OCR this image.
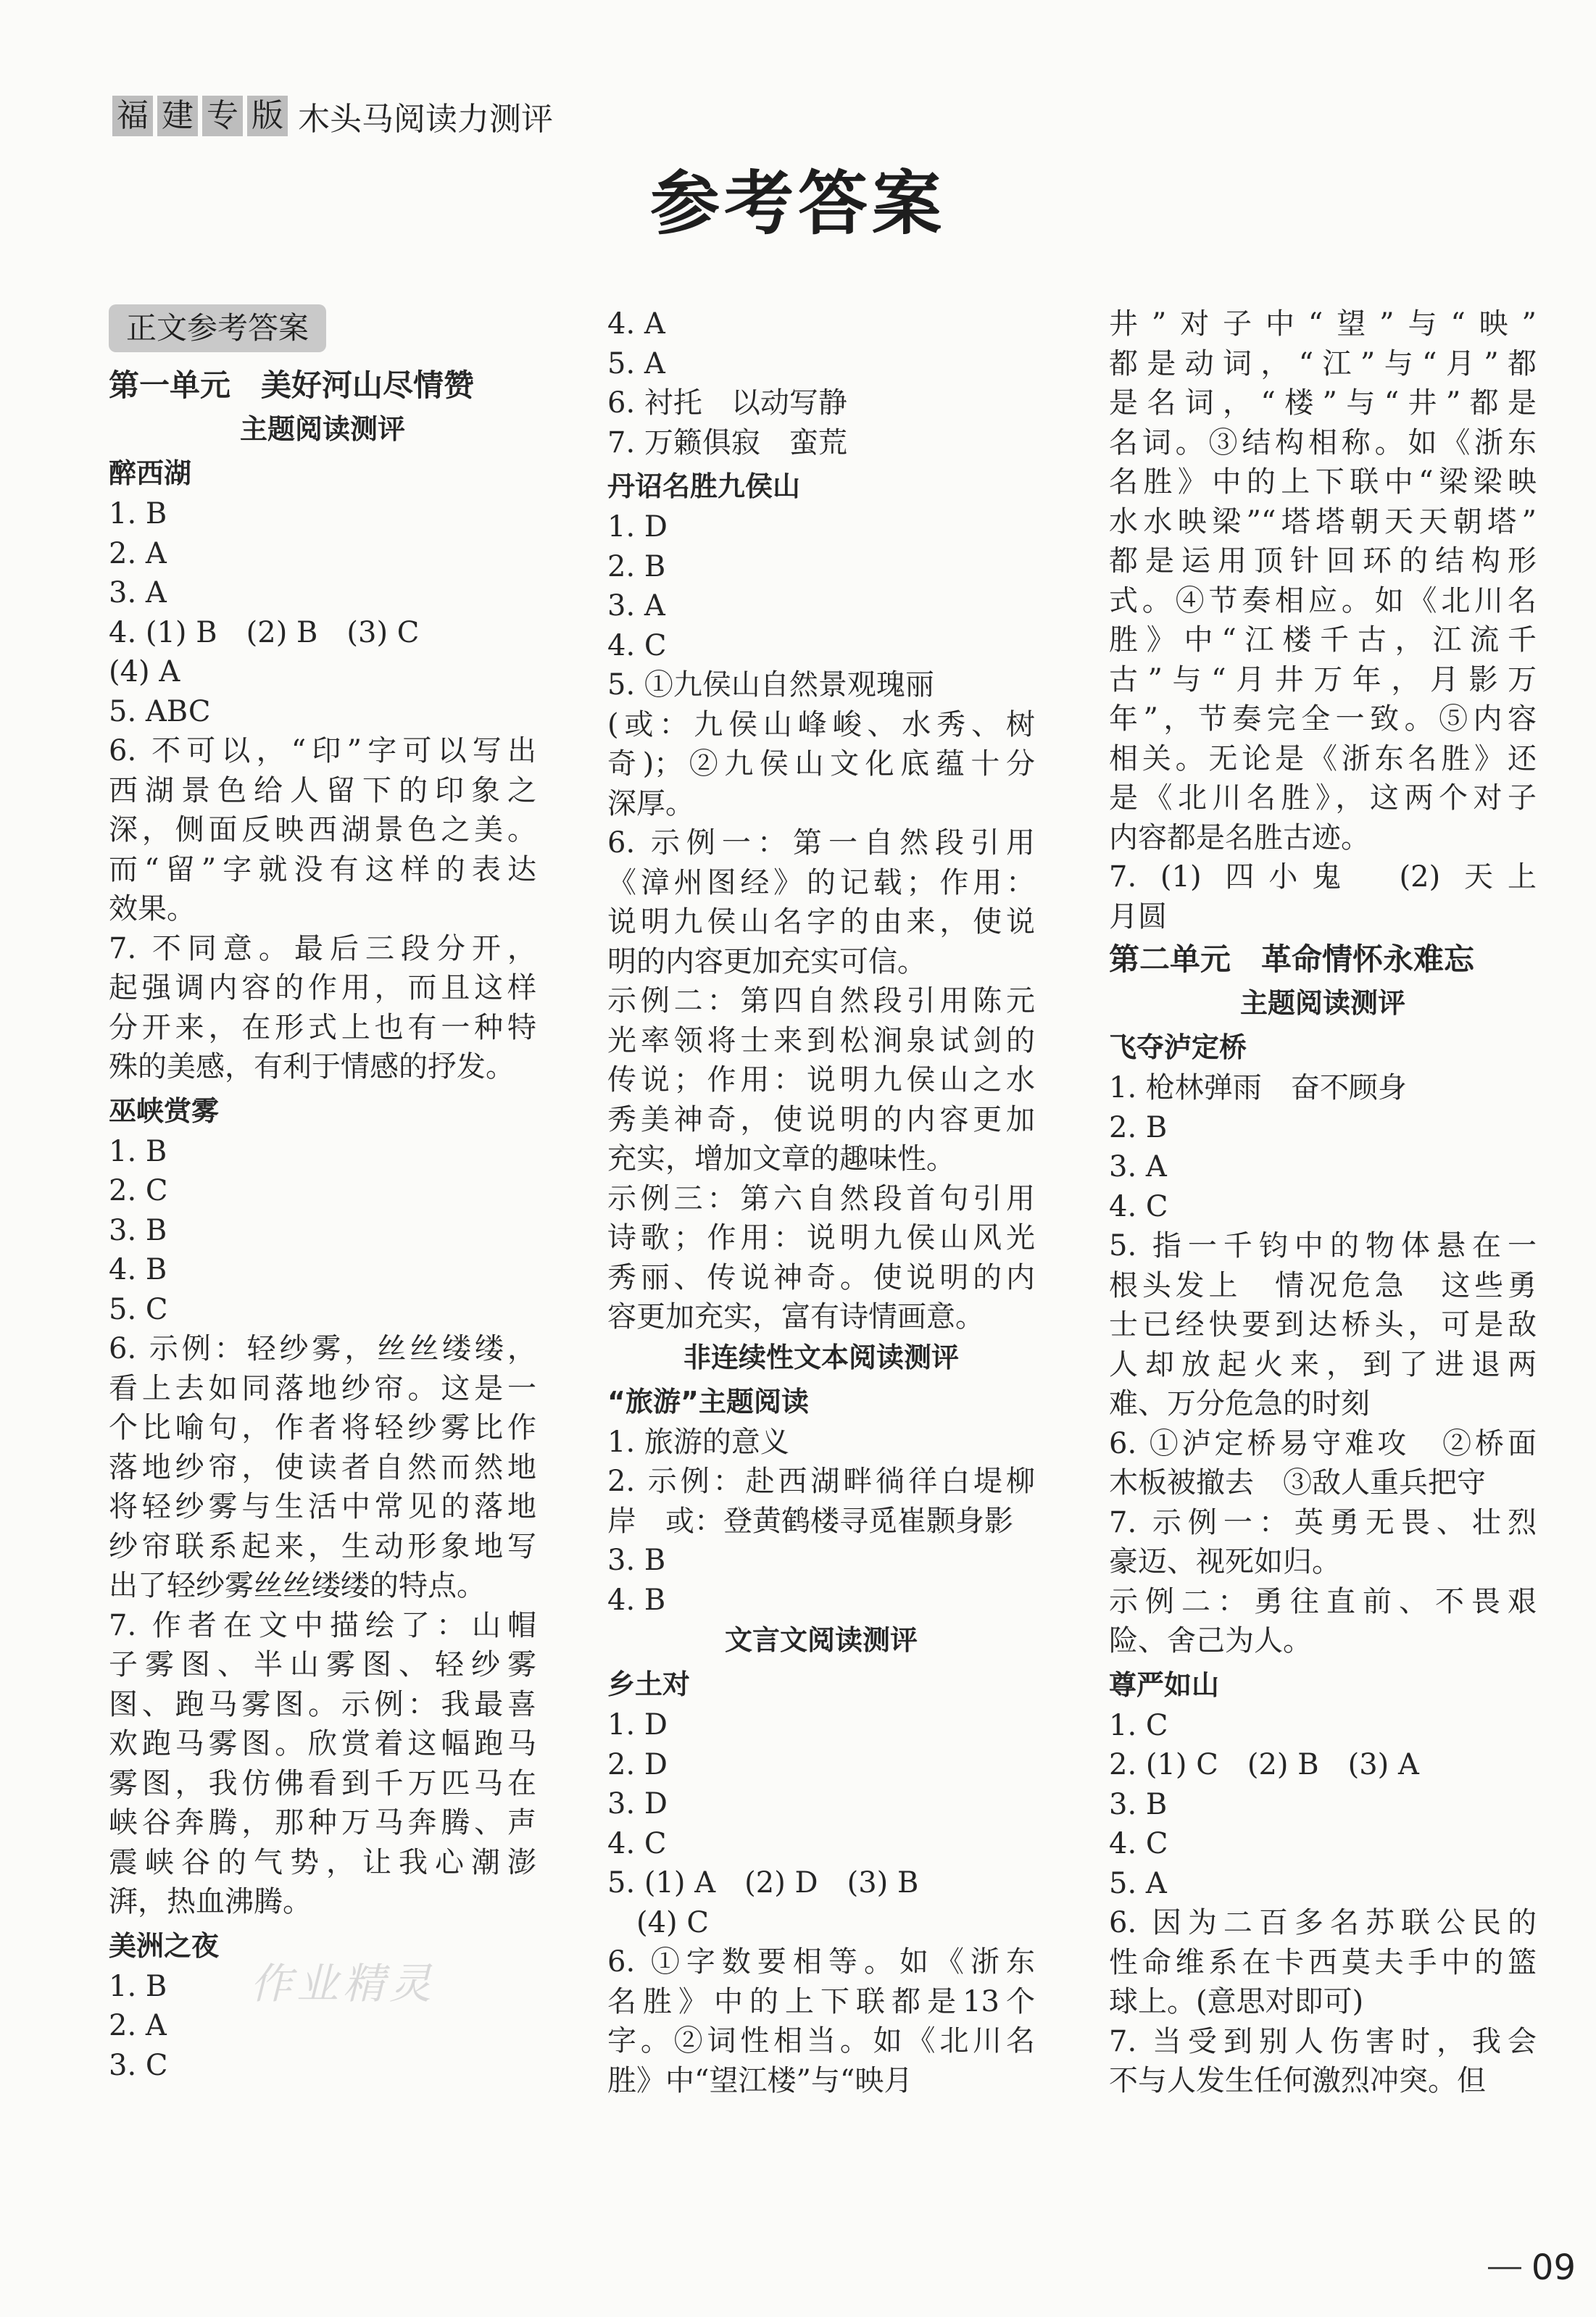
福 建 专 版 木头马阅读力测评
参考答案
正文参考答案
第一单元　美好河山尽情赞
主题阅读测评
醉西湖
1. B
2. A
3. A
4. (1) B　(2) B　(3) C
(4) A
5. ABC
6. 不可以，“印”字可以写出
西湖景色给人留下的印象之
深，侧面反映西湖景色之美。
而“留”字就没有这样的表达
效果。
7. 不同意。最后三段分开，
起强调内容的作用，而且这样
分开来，在形式上也有一种特
殊的美感，有利于情感的抒发。
巫峡赏雾
1. B
2. C
3. B
4. B
5. C
6. 示例：轻纱雾，丝丝缕缕，
看上去如同落地纱帘。这是一
个比喻句，作者将轻纱雾比作
落地纱帘，使读者自然而然地
将轻纱雾与生活中常见的落地
纱帘联系起来，生动形象地写
出了轻纱雾丝丝缕缕的特点。
7. 作者在文中描绘了：山帽
子雾图、半山雾图、轻纱雾
图、跑马雾图。示例：我最喜
欢跑马雾图。欣赏着这幅跑马
雾图，我仿佛看到千万匹马在
峡谷奔腾，那种万马奔腾、声
震峡谷的气势，让我心潮澎
湃，热血沸腾。
美洲之夜
1. B
2. A
3. C
4. A
5. A
6. 衬托　以动写静
7. 万籁俱寂　蛮荒
丹诏名胜九侯山
1. D
2. B
3. A
4. C
5. ①九侯山自然景观瑰丽
(或：九侯山峰峻、水秀、树
奇)；②九侯山文化底蕴十分
深厚。
6. 示例一：第一自然段引用
《漳州图经》的记载；作用：
说明九侯山名字的由来，使说
明的内容更加充实可信。
示例二：第四自然段引用陈元
光率领将士来到松涧泉试剑的
传说；作用：说明九侯山之水
秀美神奇，使说明的内容更加
充实，增加文章的趣味性。
示例三：第六自然段首句引用
诗歌；作用：说明九侯山风光
秀丽、传说神奇。使说明的内
容更加充实，富有诗情画意。
非连续性文本阅读测评
“旅游”主题阅读
1. 旅游的意义
2. 示例：赴西湖畔徜徉白堤柳
岸　或：登黄鹤楼寻觅崔颢身影
3. B
4. B
文言文阅读测评
乡土对
1. D
2. D
3. D
4. C
5. (1) A　(2) D　(3) B
　(4) C
6. ①字数要相等。如《浙东
名胜》中的上下联都是13个
字。②词性相当。如《北川名
胜》中“望江楼”与“映月
井”对子中“望”与“映”
都是动词，“江”与“月”都
是名词，“楼”与“井”都是
名词。③结构相称。如《浙东
名胜》中的上下联中“梁梁映
水水映梁”“塔塔朝天天朝塔”
都是运用顶针回环的结构形
式。④节奏相应。如《北川名
胜》中“江楼千古，江流千
古”与“月井万年，月影万
年”，节奏完全一致。⑤内容
相关。无论是《浙东名胜》还
是《北川名胜》，这两个对子
内容都是名胜古迹。
7. (1) 四小鬼　(2) 天上
月圆
第二单元　革命情怀永难忘
主题阅读测评
飞夺泸定桥
1. 枪林弹雨　奋不顾身
2. B
3. A
4. C
5. 指一千钧中的物体悬在一
根头发上　情况危急　这些勇
士已经快要到达桥头，可是敌
人却放起火来，到了进退两
难、万分危急的时刻
6. ①泸定桥易守难攻　②桥面
木板被撤去　③敌人重兵把守
7. 示例一：英勇无畏、壮烈
豪迈、视死如归。
示例二：勇往直前、不畏艰
险、舍己为人。
尊严如山
1. C
2. (1) C　(2) B　(3) A
3. B
4. C
5. A
6. 因为二百多名苏联公民的
性命维系在卡西莫夫手中的篮
球上。(意思对即可)
7. 当受到别人伤害时，我会
不与人发生任何激烈冲突。但
作业精灵
09
